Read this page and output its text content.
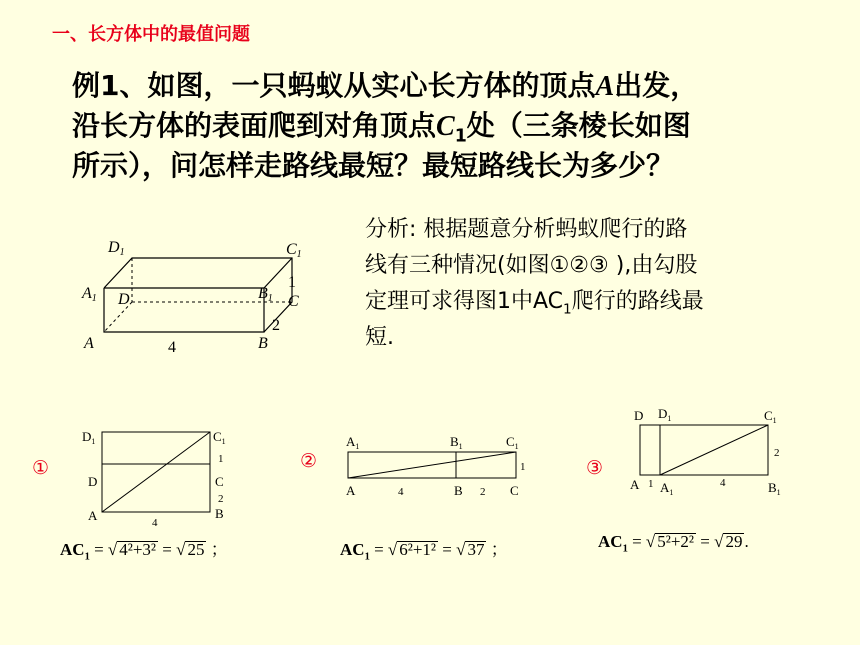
一、长方体中的最值问题
例1、如图，一只蚂蚁从实心长方体的顶点A出发，
沿长方体的表面爬到对角顶点$C_1$处（三条棱长如图
所示），问怎样走路线最短？最短路线长为多少？
分析: 根据题意分析蚂蚁爬行的路
线有三种情况(如图①②③ ),由勾股
定理可求得图1中$AC_1$爬行的路线最
短.
D1	C1
A1 D	B1 C
A	B
4
2
1
①
$D_1$	$C_1$
1
D	C
2
A	B
4
②
$A_1$	$B_1$	$C_1$
1
A	4	B 2 C
③
D $D_1$	$C_1$
2
A 1 $A_1$
4	$B_1$
$AC_1$ = √ 4²+3² = √ 25 ；	$AC_1$ = √ 6²+1² = √ 37 ；	$AC_1$ = √ 5²+2² = √ 29 .
